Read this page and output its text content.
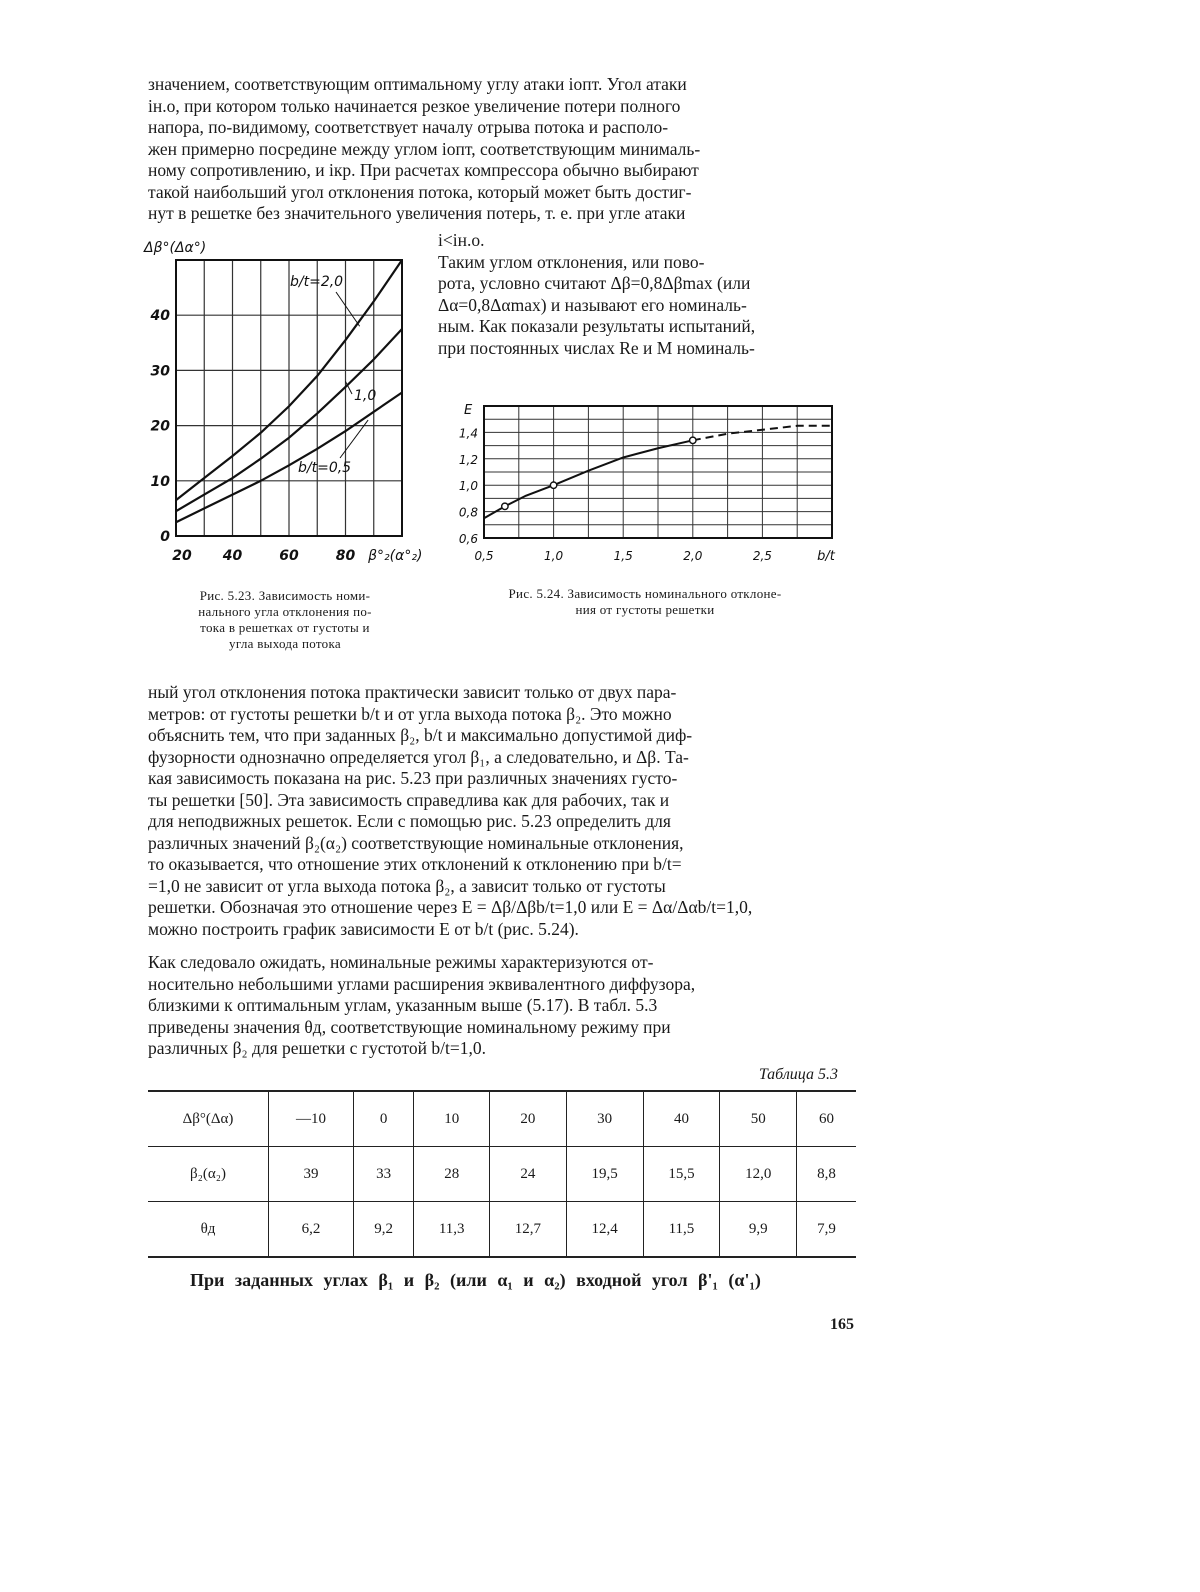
значением, соответствующим оптимальному углу атаки iопт. Угол атаки
iн.о, при котором только начинается резкое увеличение потери полного
напора, по-видимому, соответствует началу отрыва потока и располо-
жен примерно посредине между углом iопт, соответствующим минималь-
ному сопротивлению, и iкр. При расчетах компрессора обычно выбирают
такой наибольший угол отклонения потока, который может быть достиг-
нут в решетке без значительного увеличения потерь, т. е. при угле атаки

Δβ°(Δα°)
0
10
20
30
40
20 40	60	80 β°₂(α°₂)
b/t=2,0
1,0
b/t=0,5
Рис. 5.23. Зависимость номи-
нального угла отклонения по-
тока в решетках от густоты и
угла выхода потока
i<iн.о.
Таким углом отклонения, или пово-
рота, условно считают Δβ=0,8Δβmax (или
Δα=0,8Δαmax) и называют его номиналь-
ным. Как показали результаты испытаний,
при постоянных числах Re и M номиналь-
0,6
0,8
1,0
1,2
1,4
E
0,5	1,0	1,5	2,0	2,5	b/t
Рис. 5.24. Зависимость номинального отклоне-
ния от густоты решетки

ный угол отклонения потока практически зависит только от двух пара-
метров: от густоты решетки b/t и от угла выхода потока β₂. Это можно
объяснить тем, что при заданных β₂, b/t и максимально допустимой диф-
фузорности однозначно определяется угол β₁, а следовательно, и Δβ. Та-
кая зависимость показана на рис. 5.23 при различных значениях густо-
ты решетки [50]. Эта зависимость справедлива как для рабочих, так и
для неподвижных решеток. Если с помощью рис. 5.23 определить для
различных значений β₂(α₂) соответствующие номинальные отклонения,
то оказывается, что отношение этих отклонений к отклонению при b/t=
=1,0 не зависит от угла выхода потока β₂, а зависит только от густоты
решетки. Обозначая это отношение через E = Δβ/Δβb/t=1,0 или E = Δα/Δαb/t=1,0,
можно построить график зависимости E от b/t (рис. 5.24).

Как следовало ожидать, номинальные режимы характеризуются от-
носительно небольшими углами расширения эквивалентного диффузора,
близкими к оптимальным углам, указанным выше (5.17). В табл. 5.3
приведены значения θд, соответствующие номинальному режиму при
различных β₂ для решетки с густотой b/t=1,0.

Таблица 5.3
Δβ°(Δα)	—10	0	10	20	30	40	50	60
β₂(α₂)	39	33	28	24	19,5	15,5	12,0	8,8
θд	6,2	9,2	11,3	12,7	12,4	11,5	9,9	7,9
При заданных углах β₁ и β₂ (или α₁ и α₂) входной угол β'₁ (α'₁)
165
